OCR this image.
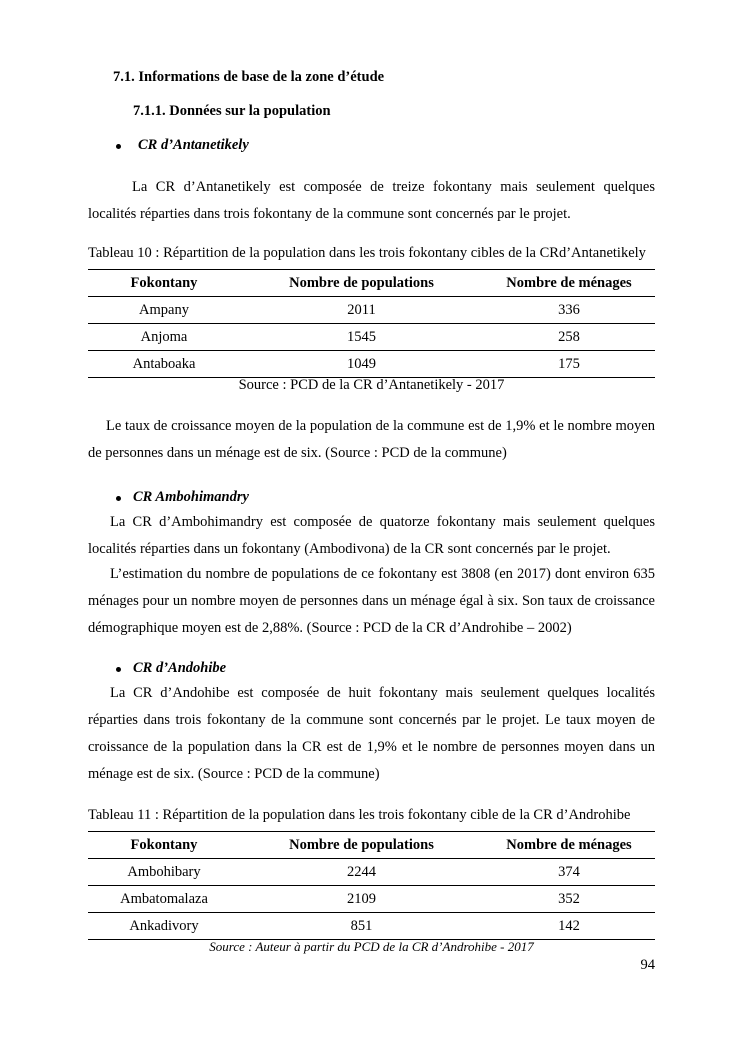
7.1. Informations de base de la zone d’étude
7.1.1. Données sur la population
CR d’Antanetikely

La CR d’Antanetikely est composée de treize fokontany mais seulement quelques localités réparties dans trois fokontany de la commune sont concernés par le projet.

Tableau 10 : Répartition de la population dans les trois fokontany cibles de la CRd’Antanetikely
Fokontany	Nombre de populations	Nombre de ménages
Ampany	2011	336
Anjoma	1545	258
Antaboaka	1049	175
Source : PCD de la CR d’Antanetikely - 2017

Le taux de croissance moyen de la population de la commune est de 1,9% et le nombre moyen de personnes dans un ménage est de six. (Source : PCD de la commune)

CR Ambohimandry

La CR d’Ambohimandry est composée de quatorze fokontany mais seulement quelques localités réparties dans un fokontany (Ambodivona) de la CR sont concernés par le projet.

L’estimation du nombre de populations de ce fokontany est 3808 (en 2017) dont environ 635 ménages pour un nombre moyen de personnes dans un ménage égal à six. Son taux de croissance démographique moyen est de 2,88%. (Source : PCD de la CR d’Androhibe – 2002)

CR d’Andohibe

La CR d’Andohibe est composée de huit fokontany mais seulement quelques localités réparties dans trois fokontany de la commune sont concernés par le projet. Le taux moyen de croissance de la population dans la CR est de 1,9% et le nombre de personnes moyen dans un ménage est de six. (Source : PCD de la commune)

Tableau 11 : Répartition de la population dans les trois fokontany cible de la CR d’Androhibe
Fokontany	Nombre de populations	Nombre de ménages
Ambohibary	2244	374
Ambatomalaza	2109	352
Ankadivory	851	142
Source : Auteur à partir du PCD de la CR d’Androhibe - 2017
94
